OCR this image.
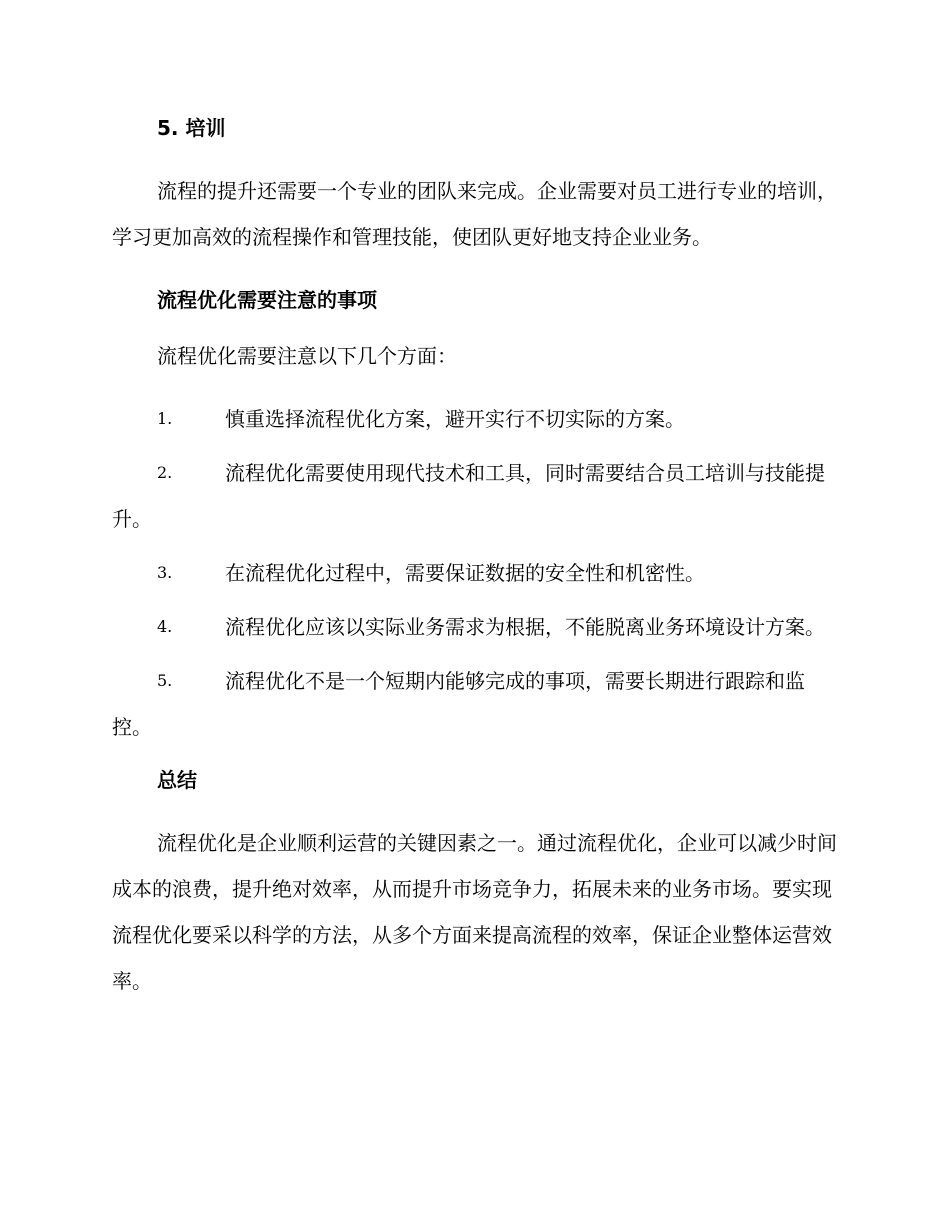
5. 培训

流程的提升还需要一个专业的团队来完成。企业需要对员工进行专业的培训，学习更加高效的流程操作和管理技能，使团队更好地支持企业业务。

流程优化需要注意的事项

流程优化需要注意以下几个方面：

1.	慎重选择流程优化方案，避开实行不切实际的方案。
2.	流程优化需要使用现代技术和工具，同时需要结合员工培训与技能提升。
3.	在流程优化过程中，需要保证数据的安全性和机密性。
4.	流程优化应该以实际业务需求为根据，不能脱离业务环境设计方案。
5.	流程优化不是一个短期内能够完成的事项，需要长期进行跟踪和监控。
总结

流程优化是企业顺利运营的关键因素之一。通过流程优化，企业可以减少时间成本的浪费，提升绝对效率，从而提升市场竞争力，拓展未来的业务市场。要实现流程优化要采以科学的方法，从多个方面来提高流程的效率，保证企业整体运营效率。
